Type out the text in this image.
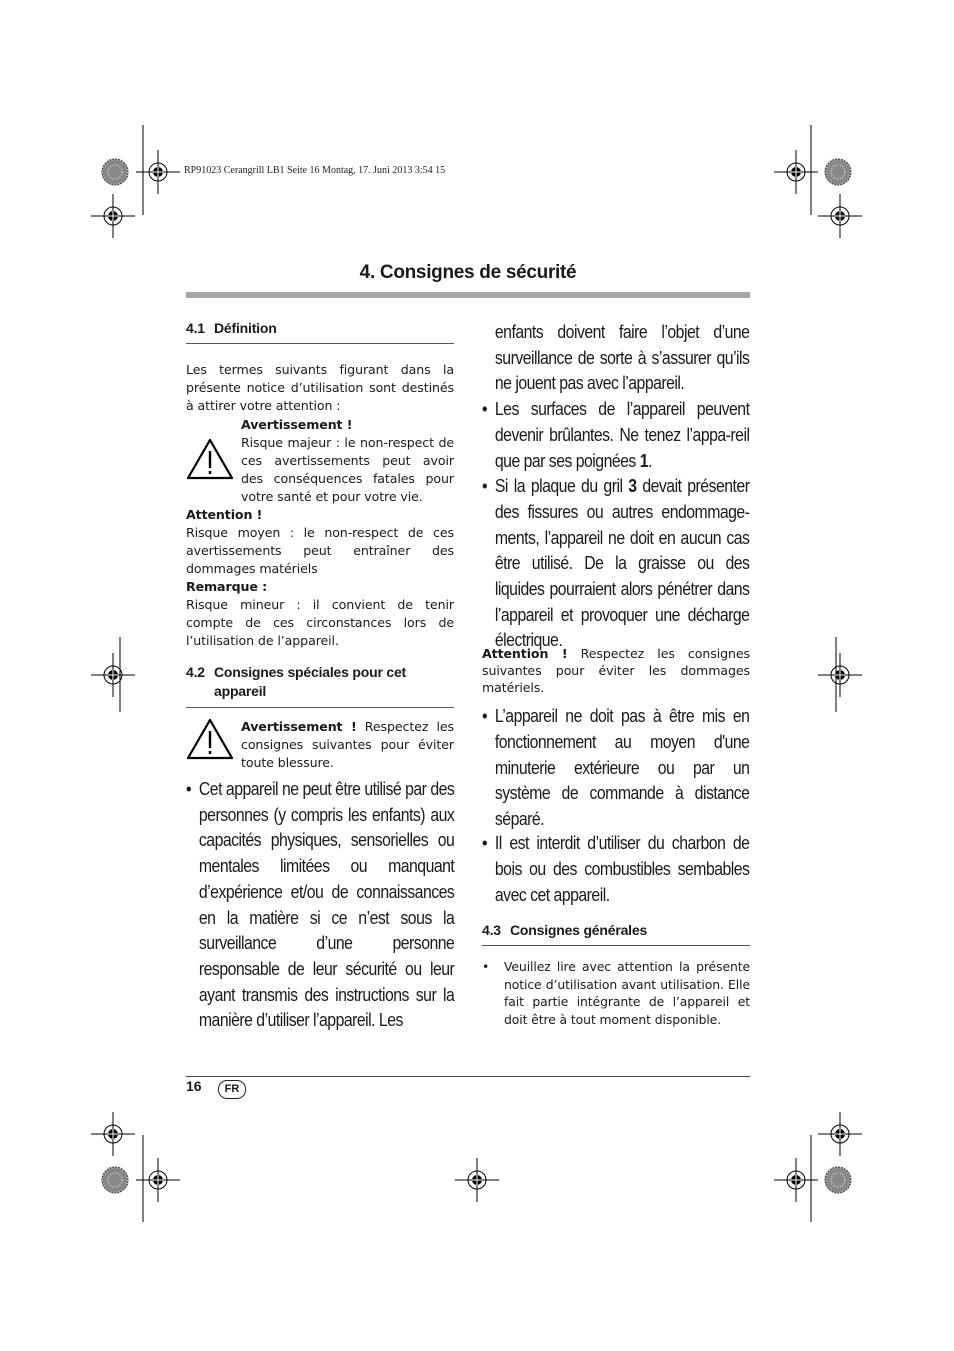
RP91023 Cerangrill LB1 Seite 16 Montag, 17. Juni 2013 3:54 15
4. Consignes de sécurité
4.1 Définition
Les termes suivants figurant dans la présente notice d’utilisation sont destinés à attirer votre attention :
Avertissement !
Risque majeur : le non-respect de ces avertissements peut avoir des conséquences fatales pour votre santé et pour votre vie.
Attention !
Risque moyen : le non-respect de ces avertissements peut entraîner des dommages matériels
Remarque :
Risque mineur : il convient de tenir compte de ces circonstances lors de l’utilisation de l’appareil.
4.2 Consignes spéciales pour cet
appareil
Avertissement ! Respectez les consignes suivantes pour éviter toute blessure.
• Cet appareil ne peut être utilisé par des personnes (y compris les enfants) aux capacités physiques, sensorielles ou mentales limitées ou manquant d’expérience et/ou de connaissances en la matière si ce n’est sous la surveillance d’une personne responsable de leur sécurité ou leur ayant transmis des instructions sur la manière d’utiliser l’appareil. Les
enfants doivent faire l’objet d’une surveillance de sorte à s’assurer qu’ils ne jouent pas avec l’appareil.
• Les surfaces de l’appareil peuvent devenir brûlantes. Ne tenez l’appa-reil que par ses poignées 1.
• Si la plaque du gril 3 devait présenter des fissures ou autres endommage-ments, l’appareil ne doit en aucun cas être utilisé. De la graisse ou des liquides pourraient alors pénétrer dans l’appareil et provoquer une décharge électrique.
Attention ! Respectez les consignes suivantes pour éviter les dommages matériels.
• L’appareil ne doit pas à être mis en fonctionnement au moyen d'une minuterie extérieure ou par un système de commande à distance séparé.
• Il est interdit d’utiliser du charbon de bois ou des combustibles sembables avec cet appareil.
4.3 Consignes générales
• Veuillez lire avec attention la présente notice d’utilisation avant utilisation. Elle fait partie intégrante de l’appareil et doit être à tout moment disponible.
16	FR
